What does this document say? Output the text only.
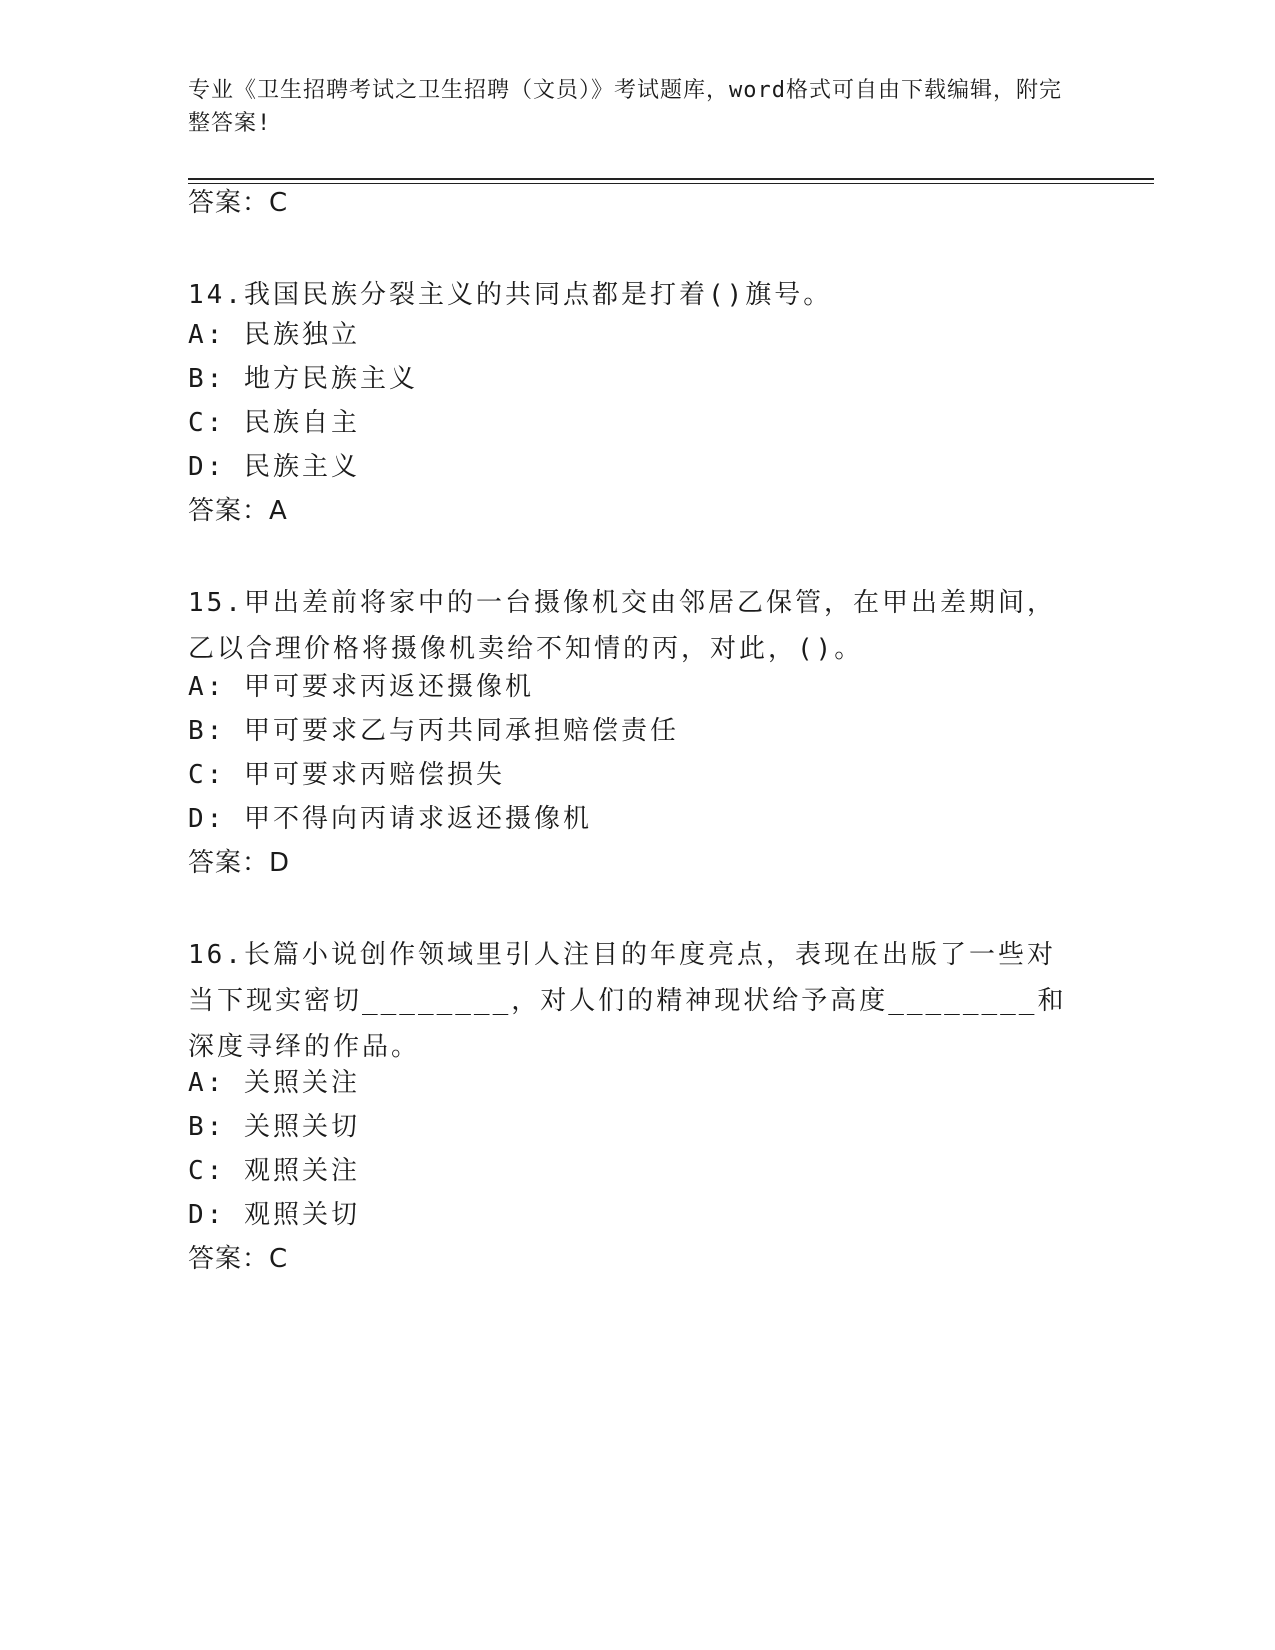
专业《卫生招聘考试之卫生招聘（文员）》考试题库，word格式可自由下载编辑，附完整答案!
答案：C

14.我国民族分裂主义的共同点都是打着()旗号。

A: 民族独立
B: 地方民族主义
C: 民族自主
D: 民族主义
答案：A

15.甲出差前将家中的一台摄像机交由邻居乙保管，在甲出差期间，乙以合理价格将摄像机卖给不知情的丙，对此，()。

A: 甲可要求丙返还摄像机
B: 甲可要求乙与丙共同承担赔偿责任
C: 甲可要求丙赔偿损失
D: 甲不得向丙请求返还摄像机
答案：D

16.长篇小说创作领域里引人注目的年度亮点，表现在出版了一些对当下现实密切________，对人们的精神现状给予高度________和深度寻绎的作品。

A: 关照关注
B: 关照关切
C: 观照关注
D: 观照关切
答案：C
